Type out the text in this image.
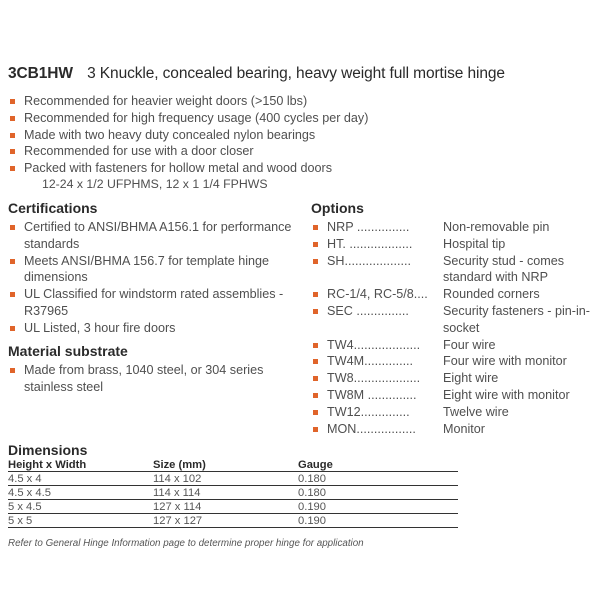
3CB1HW 3 Knuckle, concealed bearing, heavy weight full mortise hinge
Recommended for heavier weight doors (>150 lbs)
Recommended for high frequency usage (400 cycles per day)
Made with two heavy duty concealed nylon bearings
Recommended for use with a door closer
Packed with fasteners for hollow metal and wood doors
12-24 x 1/2 UFPHMS, 12 x 1 1/4 FPHWS
Certifications
Certified to ANSI/BHMA A156.1 for performance standards
Meets ANSI/BHMA 156.7 for template hinge dimensions
UL Classified for windstorm rated assemblies - R37965
UL Listed, 3 hour fire doors
Material substrate
Made from brass, 1040 steel, or 304 series stainless steel
Options
NRP ...............	Non-removable pin
HT. ..................	Hospital tip
SH...................	Security stud - comes standard with NRP
RC-1/4, RC-5/8....	Rounded corners
SEC ...............	Security fasteners - pin-in-socket
TW4...................	Four wire
TW4M..............	Four wire with monitor
TW8...................	Eight wire
TW8M ..............	Eight wire with monitor
TW12..............	Twelve wire
MON.................	Monitor
Dimensions
Height x Width	Size (mm)	Gauge
4.5 x 4	114 x 102	0.180
4.5 x 4.5	114 x 114	0.180
5 x 4.5	127 x 114	0.190
5 x 5	127 x 127	0.190
Refer to General Hinge Information page to determine proper hinge for application
